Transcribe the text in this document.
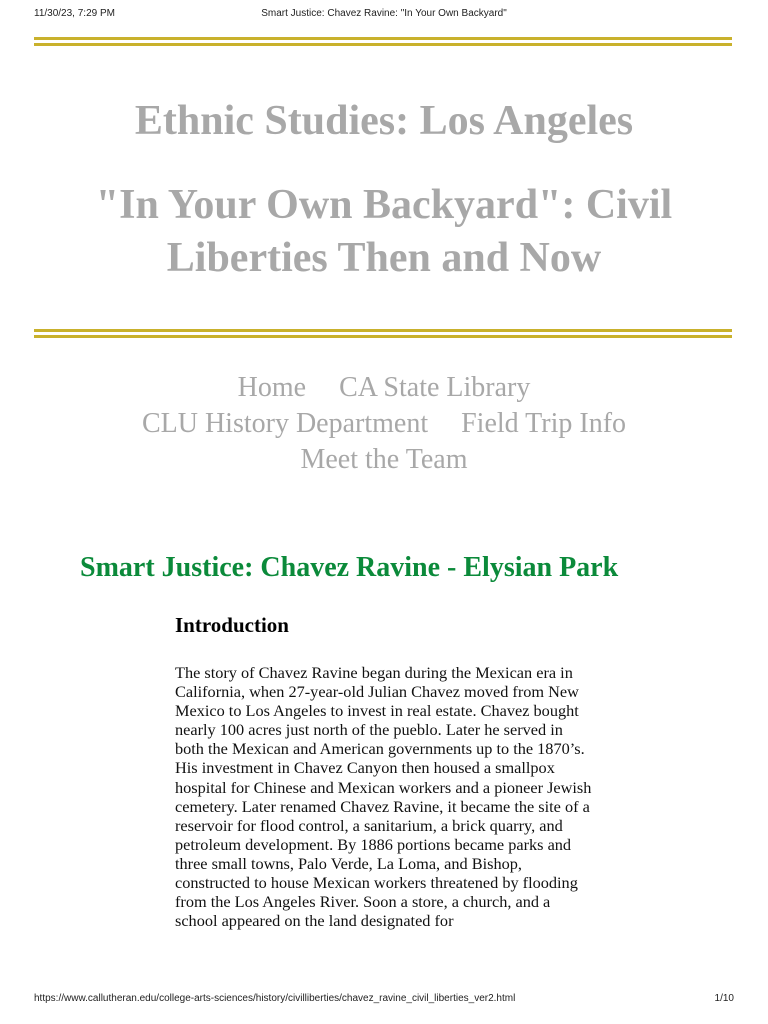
11/30/23, 7:29 PM	Smart Justice: Chavez Ravine: "In Your Own Backyard"
Ethnic Studies: Los Angeles
"In Your Own Backyard": Civil
Liberties Then and Now
Home CA State Library
CLU History Department Field Trip Info
Meet the Team
Smart Justice: Chavez Ravine - Elysian Park
Introduction

The story of Chavez Ravine began during the Mexican era in California, when 27-year-old Julian Chavez moved from New Mexico to Los Angeles to invest in real estate. Chavez bought nearly 100 acres just north of the pueblo. Later he served in both the Mexican and American governments up to the 1870’s. His investment in Chavez Canyon then housed a smallpox hospital for Chinese and Mexican workers and a pioneer Jewish cemetery. Later renamed Chavez Ravine, it became the site of a reservoir for flood control, a sanitarium, a brick quarry, and petroleum development. By 1886 portions became parks and three small towns, Palo Verde, La Loma, and Bishop, constructed to house Mexican workers threatened by flooding from the Los Angeles River. Soon a store, a church, and a school appeared on the land designated for

https://www.callutheran.edu/college-arts-sciences/history/civilliberties/chavez_ravine_civil_liberties_ver2.html	1/10
